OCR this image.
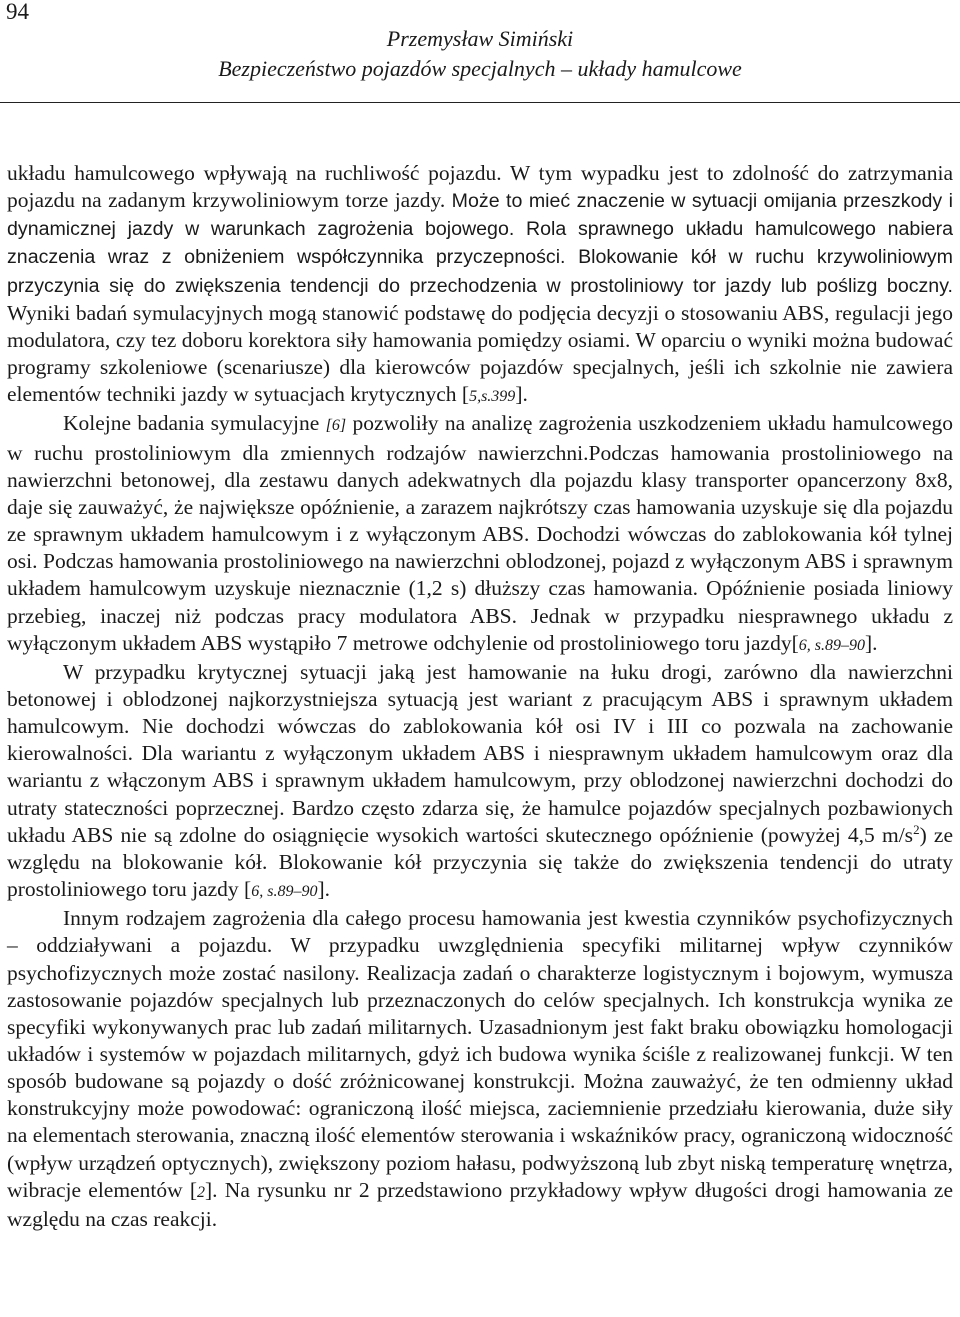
94
Przemysław Simiński
Bezpieczeństwo pojazdów specjalnych – układy hamulcowe

układu hamulcowego wpływają na ruchliwość pojazdu. W tym wypadku jest to zdolność do zatrzymania pojazdu na zadanym krzywoliniowym torze jazdy. Może to mieć znaczenie w sytuacji omijania przeszkody i dynamicznej jazdy w warunkach zagrożenia bojowego. Rola sprawnego układu hamulcowego nabiera znaczenia wraz z obniżeniem współczynnika przyczepności. Blokowanie kół w ruchu krzywoliniowym przyczynia się do zwiększenia tendencji do przechodzenia w prostoliniowy tor jazdy lub poślizg boczny. Wyniki badań symulacyjnych mogą stanowić podstawę do podjęcia decyzji o stosowaniu ABS, regulacji jego modulatora, czy tez doboru korektora siły hamowania pomiędzy osiami. W oparciu o wyniki można budować programy szkoleniowe (scenariusze) dla kierowców pojazdów specjalnych, jeśli ich szkolnie nie zawiera elementów techniki jazdy w sytuacjach krytycznych [5,s.399].

Kolejne badania symulacyjne [6] pozwoliły na analizę zagrożenia uszkodzeniem układu hamulcowego w ruchu prostoliniowym dla zmiennych rodzajów nawierzchni.Podczas hamowania prostoliniowego na nawierzchni betonowej, dla zestawu danych adekwatnych dla pojazdu klasy transporter opancerzony 8x8, daje się zauważyć, że największe opóźnienie, a zarazem najkrótszy czas hamowania uzyskuje się dla pojazdu ze sprawnym układem hamulcowym i z wyłączonym ABS. Dochodzi wówczas do zablokowania kół tylnej osi. Podczas hamowania prostoliniowego na nawierzchni oblodzonej, pojazd z wyłączonym ABS i sprawnym układem hamulcowym uzyskuje nieznacznie (1,2 s) dłuższy czas hamowania. Opóźnienie posiada liniowy przebieg, inaczej niż podczas pracy modulatora ABS. Jednak w przypadku niesprawnego układu z wyłączonym układem ABS wystąpiło 7 metrowe odchylenie od prostoliniowego toru jazdy[6, s.89–90].

W przypadku krytycznej sytuacji jaką jest hamowanie na łuku drogi, zarówno dla nawierzchni betonowej i oblodzonej najkorzystniejsza sytuacją jest wariant z pracującym ABS i sprawnym układem hamulcowym. Nie dochodzi wówczas do zablokowania kół osi IV i III co pozwala na zachowanie kierowalności. Dla wariantu z wyłączonym układem ABS i niesprawnym układem hamulcowym oraz dla wariantu z włączonym ABS i sprawnym układem hamulcowym, przy oblodzonej nawierzchni dochodzi do utraty stateczności poprzecznej. Bardzo często zdarza się, że hamulce pojazdów specjalnych pozbawionych układu ABS nie są zdolne do osiągnięcie wysokich wartości skutecznego opóźnienie (powyżej 4,5 $m/s^2$) ze względu na blokowanie kół. Blokowanie kół przyczynia się także do zwiększenia tendencji do utraty prostoliniowego toru jazdy [6, s.89–90].

Innym rodzajem zagrożenia dla całego procesu hamowania jest kwestia czynników psychofizycznych – oddziaływani a pojazdu. W przypadku uwzględnienia specyfiki militarnej wpływ czynników psychofizycznych może zostać nasilony. Realizacja zadań o charakterze logistycznym i bojowym, wymusza zastosowanie pojazdów specjalnych lub przeznaczonych do celów specjalnych. Ich konstrukcja wynika ze specyfiki wykonywanych prac lub zadań militarnych. Uzasadnionym jest fakt braku obowiązku homologacji układów i systemów w pojazdach militarnych, gdyż ich budowa wynika ściśle z realizowanej funkcji. W ten sposób budowane są pojazdy o dość zróżnicowanej konstrukcji. Można zauważyć, że ten odmienny układ konstrukcyjny może powodować: ograniczoną ilość miejsca, zaciemnienie przedziału kierowania, duże siły na elementach sterowania, znaczną ilość elementów sterowania i wskaźników pracy, ograniczoną widoczność (wpływ urządzeń optycznych), zwiększony poziom hałasu, podwyższoną lub zbyt niską temperaturę wnętrza, wibracje elementów [2]. Na rysunku nr 2 przedstawiono przykładowy wpływ długości drogi hamowania ze względu na czas reakcji.
